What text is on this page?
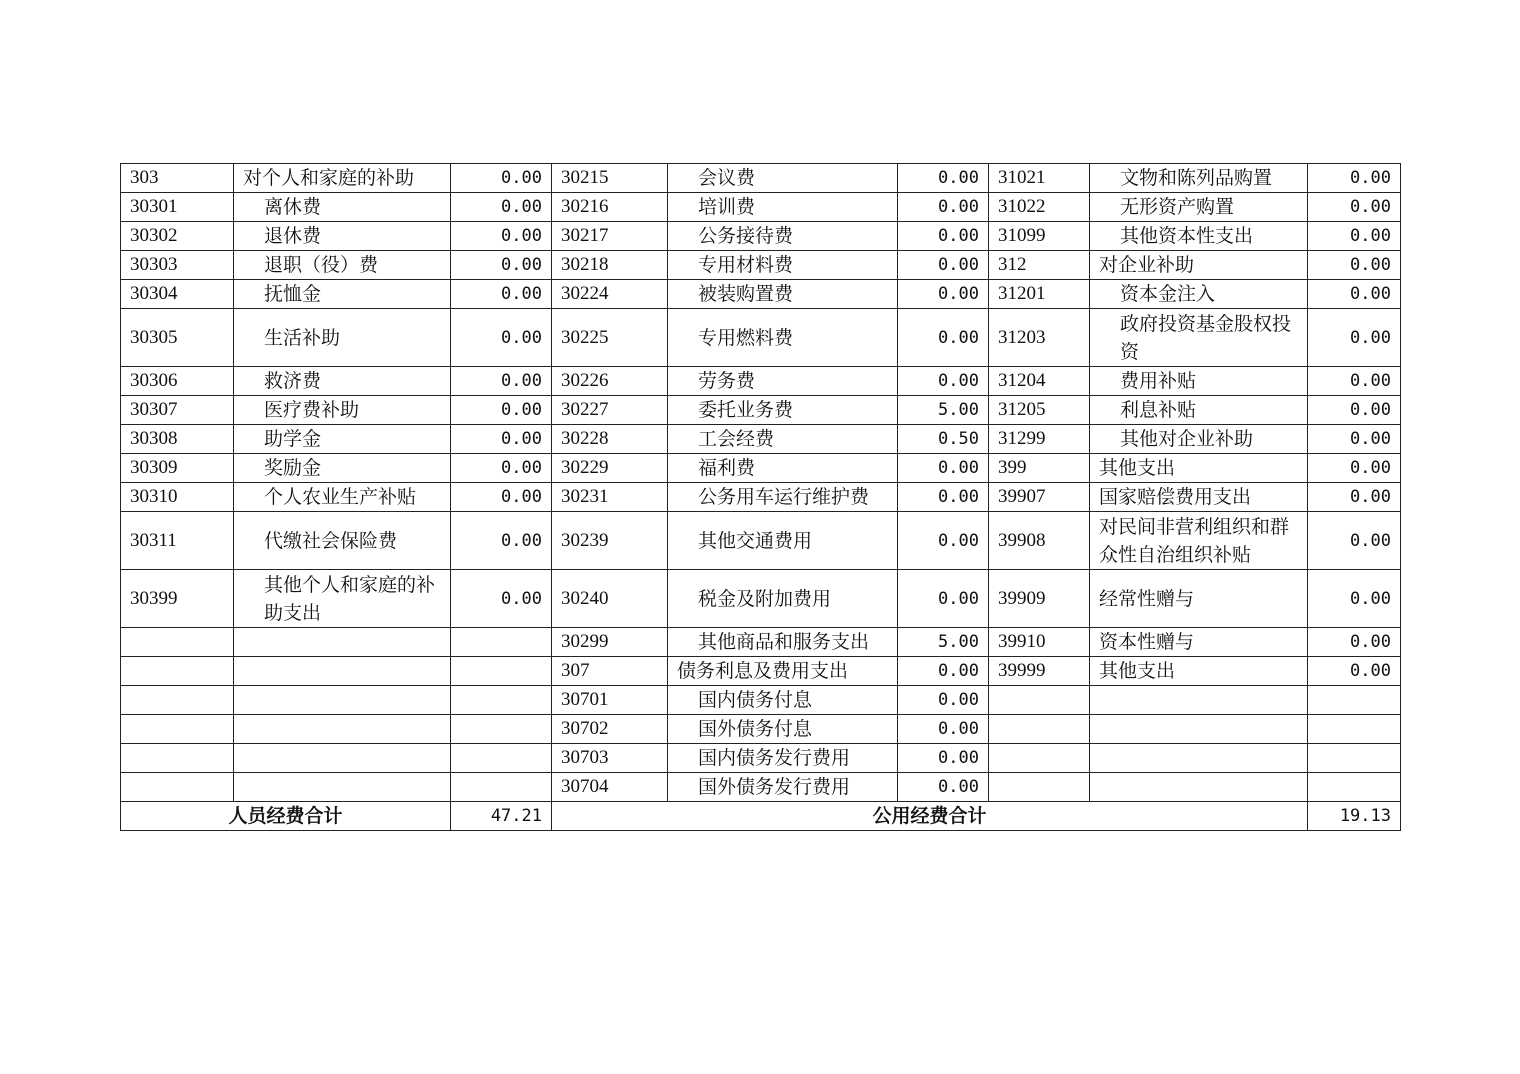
303	对个人和家庭的补助	0.00	30215	会议费	0.00	31021	文物和陈列品购置	0.00
30301	离休费	0.00	30216	培训费	0.00	31022	无形资产购置	0.00
30302	退休费	0.00	30217	公务接待费	0.00	31099	其他资本性支出	0.00
30303	退职（役）费	0.00	30218	专用材料费	0.00	312	对企业补助	0.00
30304	抚恤金	0.00	30224	被装购置费	0.00	31201	资本金注入	0.00
30305	生活补助	0.00	30225	专用燃料费	0.00	31203	政府投资基金股权投资	0.00
30306	救济费	0.00	30226	劳务费	0.00	31204	费用补贴	0.00
30307	医疗费补助	0.00	30227	委托业务费	5.00	31205	利息补贴	0.00
30308	助学金	0.00	30228	工会经费	0.50	31299	其他对企业补助	0.00
30309	奖励金	0.00	30229	福利费	0.00	399	其他支出	0.00
30310	个人农业生产补贴	0.00	30231	公务用车运行维护费	0.00	39907	国家赔偿费用支出	0.00
30311	代缴社会保险费	0.00	30239	其他交通费用	0.00	39908	对民间非营利组织和群众性自治组织补贴	0.00
30399	其他个人和家庭的补助支出	0.00	30240	税金及附加费用	0.00	39909	经常性赠与	0.00
			30299	其他商品和服务支出	5.00	39910	资本性赠与	0.00
			307	债务利息及费用支出	0.00	39999	其他支出	0.00
			30701	国内债务付息	0.00			
			30702	国外债务付息	0.00			
			30703	国内债务发行费用	0.00			
			30704	国外债务发行费用	0.00			
人员经费合计		47.21	公用经费合计					19.13
